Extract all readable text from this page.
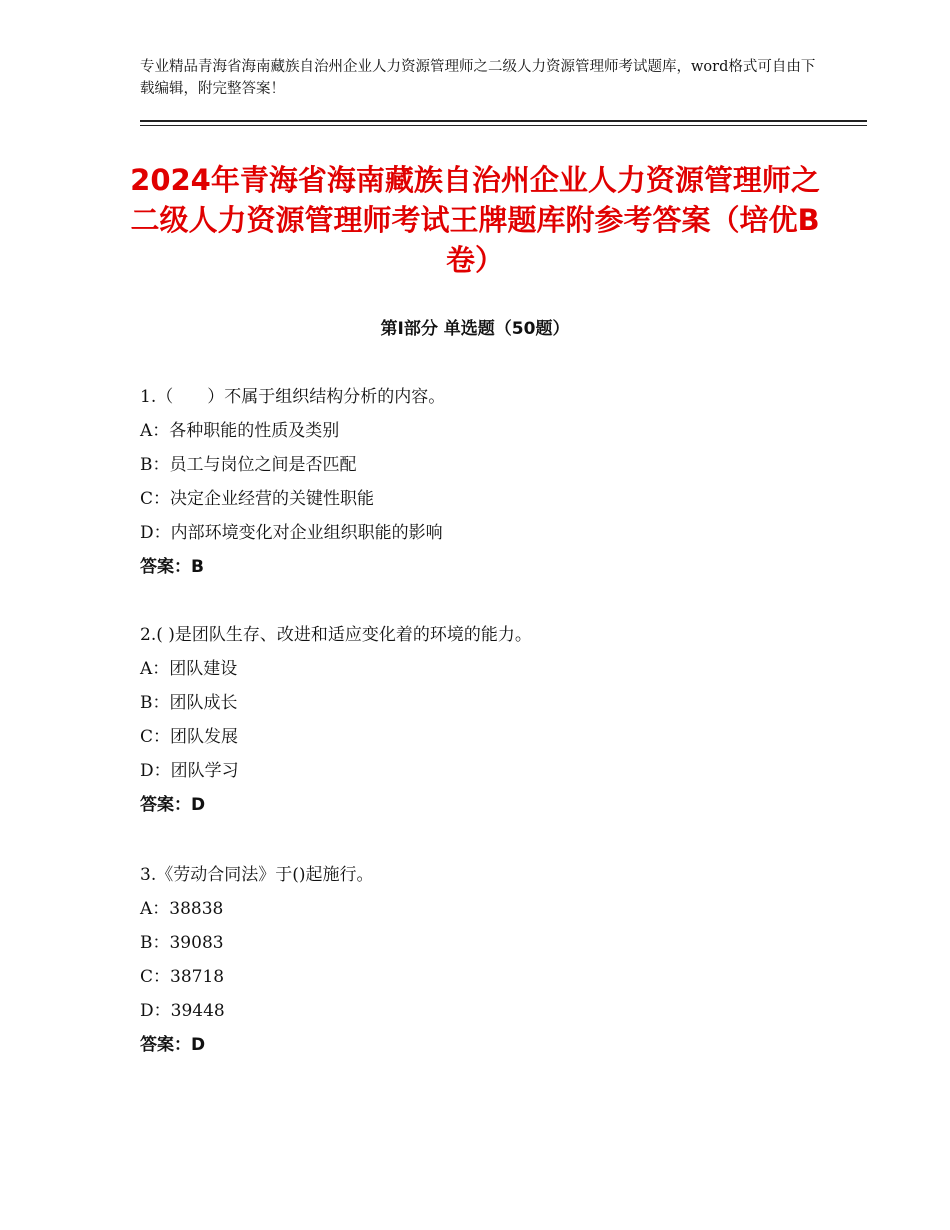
专业精品青海省海南藏族自治州企业人力资源管理师之二级人力资源管理师考试题库，word格式可自由下载编辑，附完整答案！
2024年青海省海南藏族自治州企业人力资源管理师之二级人力资源管理师考试王牌题库附参考答案（培优B卷）
第Ⅰ部分 单选题（50题）
1.（　　）不属于组织结构分析的内容。
A：各种职能的性质及类别
B：员工与岗位之间是否匹配
C：决定企业经营的关键性职能
D：内部环境变化对企业组织职能的影响
答案：B
2.( )是团队生存、改进和适应变化着的环境的能力。
A：团队建设
B：团队成长
C：团队发展
D：团队学习
答案：D
3.《劳动合同法》于()起施行。
A：38838
B：39083
C：38718
D：39448
答案：D
